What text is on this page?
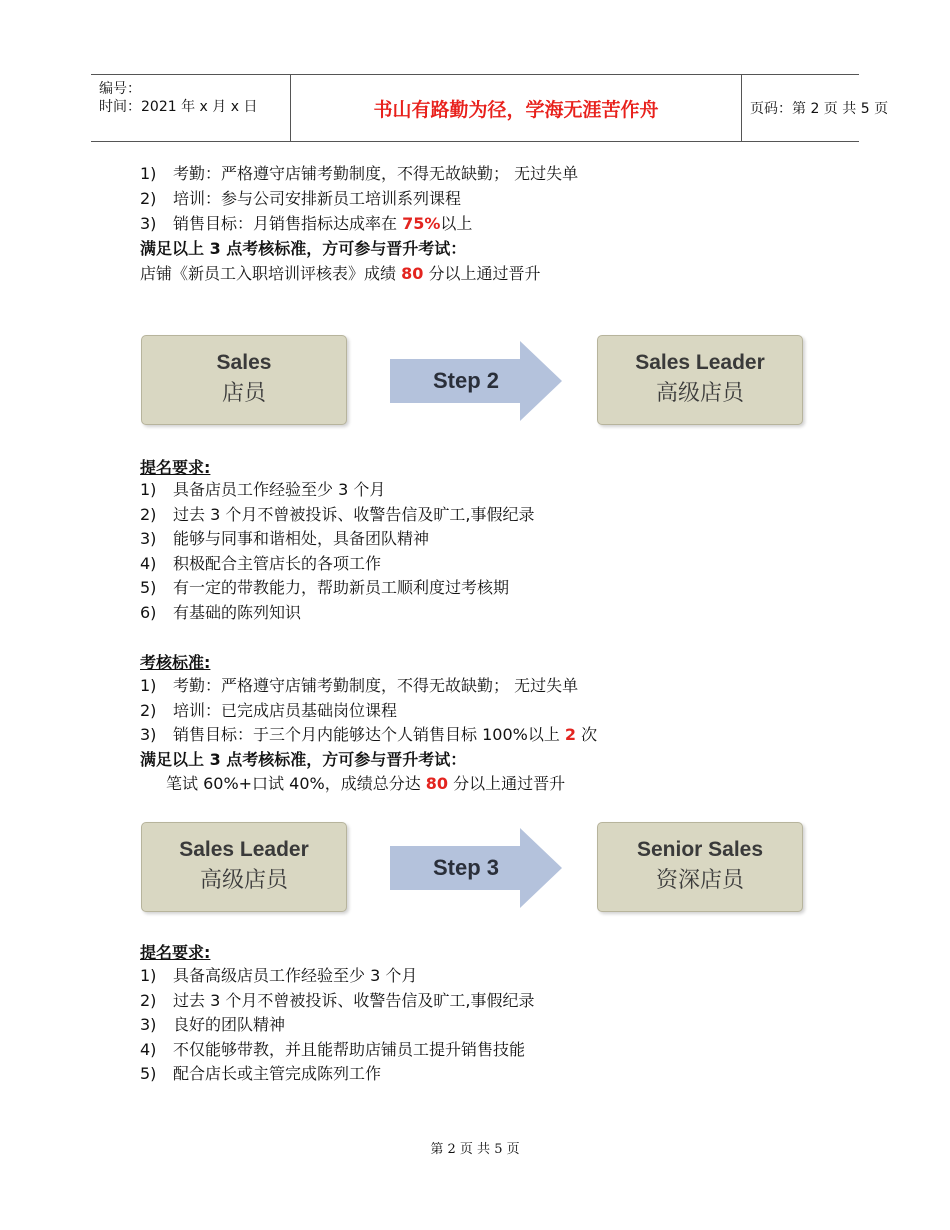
编号：
时间：2021 年 x 月 x 日	书山有路勤为径，学海无涯苦作舟	页码：第 2 页 共 5 页
1) 考勤：严格遵守店铺考勤制度，不得无故缺勤； 无过失单
2) 培训：参与公司安排新员工培训系列课程
3) 销售目标：月销售指标达成率在 75%以上
满足以上 3 点考核标准，方可参与晋升考试：
店铺《新员工入职培训评核表》成绩 80 分以上通过晋升
Sales
店员
Step 2
Sales Leader
高级店员
提名要求:
1) 具备店员工作经验至少 3 个月
2) 过去 3 个月不曾被投诉、收警告信及旷工,事假纪录
3) 能够与同事和谐相处，具备团队精神
4) 积极配合主管店长的各项工作
5) 有一定的带教能力，帮助新员工顺利度过考核期
6) 有基础的陈列知识
考核标准:
1) 考勤：严格遵守店铺考勤制度，不得无故缺勤； 无过失单
2) 培训：已完成店员基础岗位课程
3) 销售目标：于三个月内能够达个人销售目标 100%以上 2 次
满足以上 3 点考核标准，方可参与晋升考试：
笔试 60%+口试 40%，成绩总分达 80 分以上通过晋升
Sales Leader
高级店员
Step 3
Senior Sales
资深店员
提名要求:
1) 具备高级店员工作经验至少 3 个月
2) 过去 3 个月不曾被投诉、收警告信及旷工,事假纪录
3) 良好的团队精神
4) 不仅能够带教，并且能帮助店铺员工提升销售技能
5) 配合店长或主管完成陈列工作
第 2 页 共 5 页
